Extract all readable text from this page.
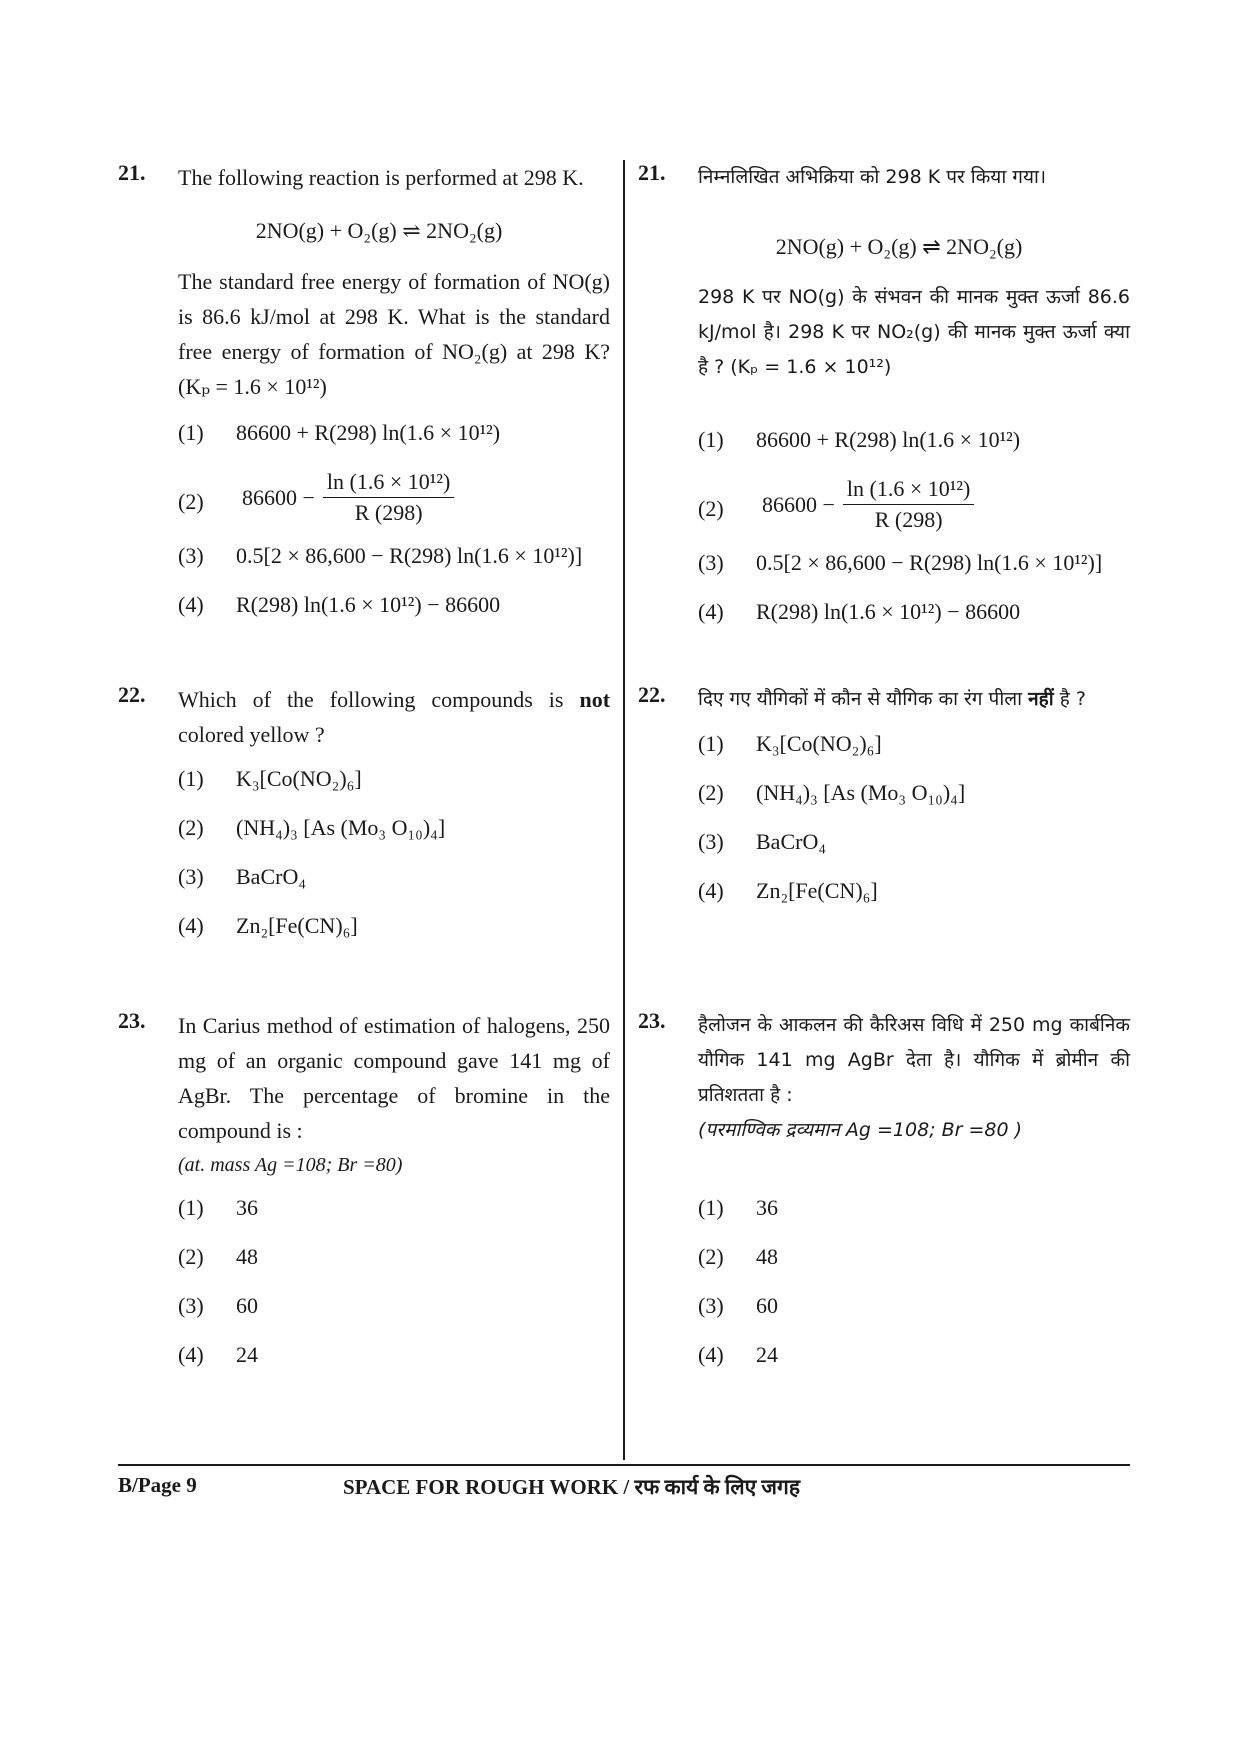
21. The following reaction is performed at 298 K.
2NO(g) + O₂(g) ⇌ 2NO₂(g)
The standard free energy of formation of NO(g) is 86.6 kJ/mol at 298 K. What is the standard free energy of formation of NO₂(g) at 298 K? (Kₚ = 1.6 × 10¹²)
(1) 86600 + R(298) ln(1.6 × 10¹²)
(2) $86600 - \frac{\text{ln (1.6 × 10¹²)}}{R (298)}$
(3) 0.5[2 × 86,600 − R(298) ln(1.6 × 10¹²)]
(4) R(298) ln(1.6 × 10¹²) − 86600
22. Which of the following compounds is not colored yellow ?
(1) K₃[Co(NO₂)₆]
(2) (NH₄)₃ [As (Mo₃ O₁₀)₄]
(3) BaCrO₄
(4) Zn₂[Fe(CN)₆]
23. In Carius method of estimation of halogens, 250 mg of an organic compound gave 141 mg of AgBr. The percentage of bromine in the compound is :
(at. mass Ag =108; Br =80)
(1) 36
(2) 48
(3) 60
(4) 24
21. निम्नलिखित अभिक्रिया को 298 K पर किया गया।
2NO(g) + O₂(g) ⇌ 2NO₂(g)
298 K पर NO(g) के संभवन की मानक मुक्त ऊर्जा 86.6 kJ/mol है। 298 K पर NO₂(g) की मानक मुक्त ऊर्जा क्या है ? (Kₚ = 1.6 × 10¹²)
(1) 86600 + R(298) ln(1.6 × 10¹²)
(2) $86600 - \frac{\text{ln (1.6 × 10¹²)}}{R (298)}$
(3) 0.5[2 × 86,600 − R(298) ln(1.6 × 10¹²)]
(4) R(298) ln(1.6 × 10¹²) − 86600
22. दिए गए यौगिकों में कौन से यौगिक का रंग पीला नहीं है ?
(1) K₃[Co(NO₂)₆]
(2) (NH₄)₃ [As (Mo₃ O₁₀)₄]
(3) BaCrO₄
(4) Zn₂[Fe(CN)₆]
23. हैलोजन के आकलन की कैरिअस विधि में 250 mg कार्बनिक यौगिक 141 mg AgBr देता है। यौगिक में ब्रोमीन की प्रतिशतता है :
(परमाण्विक द्रव्यमान Ag =108; Br =80 )
(1) 36
(2) 48
(3) 60
(4) 24
B/Page 9	SPACE FOR ROUGH WORK / रफ कार्य के लिए जगह
